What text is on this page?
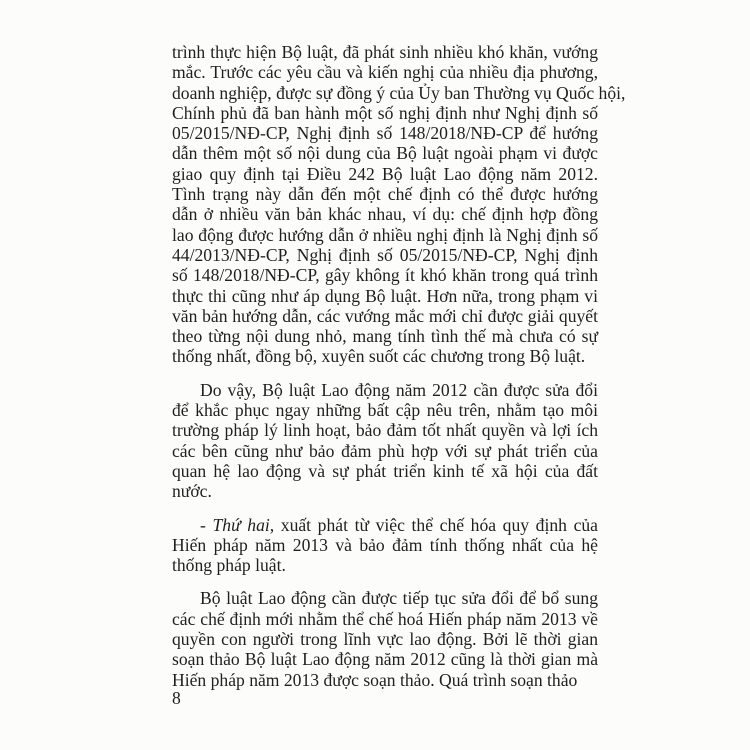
trình thực hiện Bộ luật, đã phát sinh nhiều khó khăn, vướng
mắc. Trước các yêu cầu và kiến nghị của nhiều địa phương,
doanh nghiệp, được sự đồng ý của Ủy ban Thường vụ Quốc hội,
Chính phủ đã ban hành một số nghị định như Nghị định số
05/2015/NĐ-CP, Nghị định số 148/2018/NĐ-CP để hướng
dẫn thêm một số nội dung của Bộ luật ngoài phạm vi được
giao quy định tại Điều 242 Bộ luật Lao động năm 2012.
Tình trạng này dẫn đến một chế định có thể được hướng
dẫn ở nhiều văn bản khác nhau, ví dụ: chế định hợp đồng
lao động được hướng dẫn ở nhiều nghị định là Nghị định số
44/2013/NĐ-CP, Nghị định số 05/2015/NĐ-CP, Nghị định
số 148/2018/NĐ-CP, gây không ít khó khăn trong quá trình
thực thi cũng như áp dụng Bộ luật. Hơn nữa, trong phạm vi
văn bản hướng dẫn, các vướng mắc mới chỉ được giải quyết
theo từng nội dung nhỏ, mang tính tình thế mà chưa có sự
thống nhất, đồng bộ, xuyên suốt các chương trong Bộ luật.
Do vậy, Bộ luật Lao động năm 2012 cần được sửa đổi
để khắc phục ngay những bất cập nêu trên, nhằm tạo môi
trường pháp lý linh hoạt, bảo đảm tốt nhất quyền và lợi ích
các bên cũng như bảo đảm phù hợp với sự phát triển của
quan hệ lao động và sự phát triển kinh tế xã hội của đất
nước.
- Thứ hai, xuất phát từ việc thể chế hóa quy định của
Hiến pháp năm 2013 và bảo đảm tính thống nhất của hệ
thống pháp luật.
Bộ luật Lao động cần được tiếp tục sửa đổi để bổ sung
các chế định mới nhằm thể chế hoá Hiến pháp năm 2013 về
quyền con người trong lĩnh vực lao động. Bởi lẽ thời gian
soạn thảo Bộ luật Lao động năm 2012 cũng là thời gian mà
Hiến pháp năm 2013 được soạn thảo. Quá trình soạn thảo
8
